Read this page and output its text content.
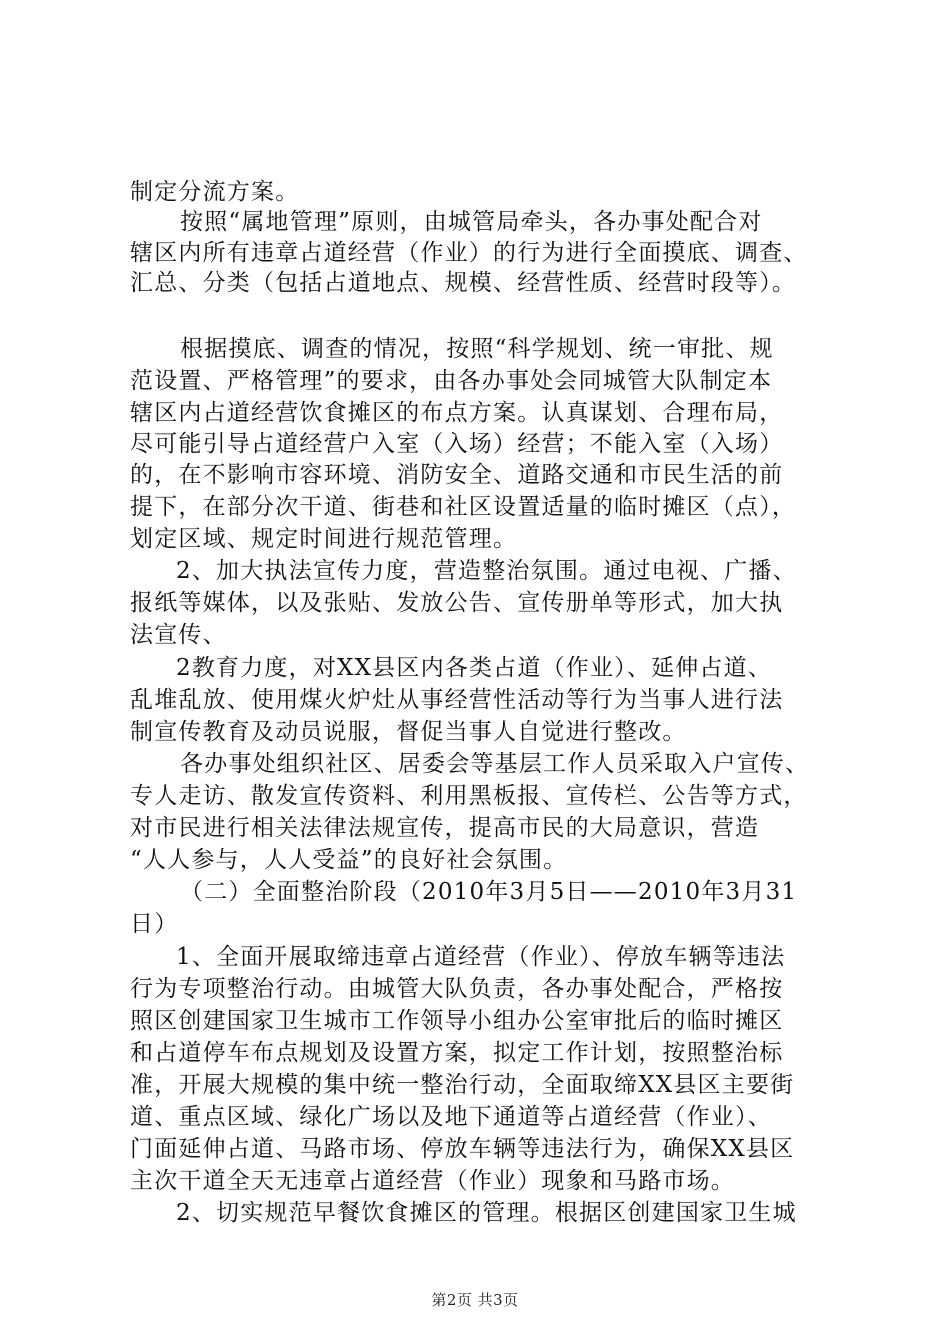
制定分流方案。
按照“属地管理”原则，由城管局牵头，各办事处配合对
辖区内所有违章占道经营（作业）的行为进行全面摸底、调查、
汇总、分类（包括占道地点、规模、经营性质、经营时段等）。
根据摸底、调查的情况，按照“科学规划、统一审批、规
范设置、严格管理”的要求，由各办事处会同城管大队制定本
辖区内占道经营饮食摊区的布点方案。认真谋划、合理布局，
尽可能引导占道经营户入室（入场）经营；不能入室（入场）
的，在不影响市容环境、消防安全、道路交通和市民生活的前
提下，在部分次干道、街巷和社区设置适量的临时摊区（点），
划定区域、规定时间进行规范管理。
2、加大执法宣传力度，营造整治氛围。通过电视、广播、
报纸等媒体，以及张贴、发放公告、宣传册单等形式，加大执
法宣传、
2教育力度，对XX县区内各类占道（作业）、延伸占道、
乱堆乱放、使用煤火炉灶从事经营性活动等行为当事人进行法
制宣传教育及动员说服，督促当事人自觉进行整改。
各办事处组织社区、居委会等基层工作人员采取入户宣传、
专人走访、散发宣传资料、利用黑板报、宣传栏、公告等方式，
对市民进行相关法律法规宣传，提高市民的大局意识，营造
“人人参与，人人受益”的良好社会氛围。
（二）全面整治阶段（2010年3月5日——2010年3月31
日）
1、全面开展取缔违章占道经营（作业）、停放车辆等违法
行为专项整治行动。由城管大队负责，各办事处配合，严格按
照区创建国家卫生城市工作领导小组办公室审批后的临时摊区
和占道停车布点规划及设置方案，拟定工作计划，按照整治标
准，开展大规模的集中统一整治行动，全面取缔XX县区主要街
道、重点区域、绿化广场以及地下通道等占道经营（作业）、
门面延伸占道、马路市场、停放车辆等违法行为，确保XX县区
主次干道全天无违章占道经营（作业）现象和马路市场。
2、切实规范早餐饮食摊区的管理。根据区创建国家卫生城
第2页 共3页
